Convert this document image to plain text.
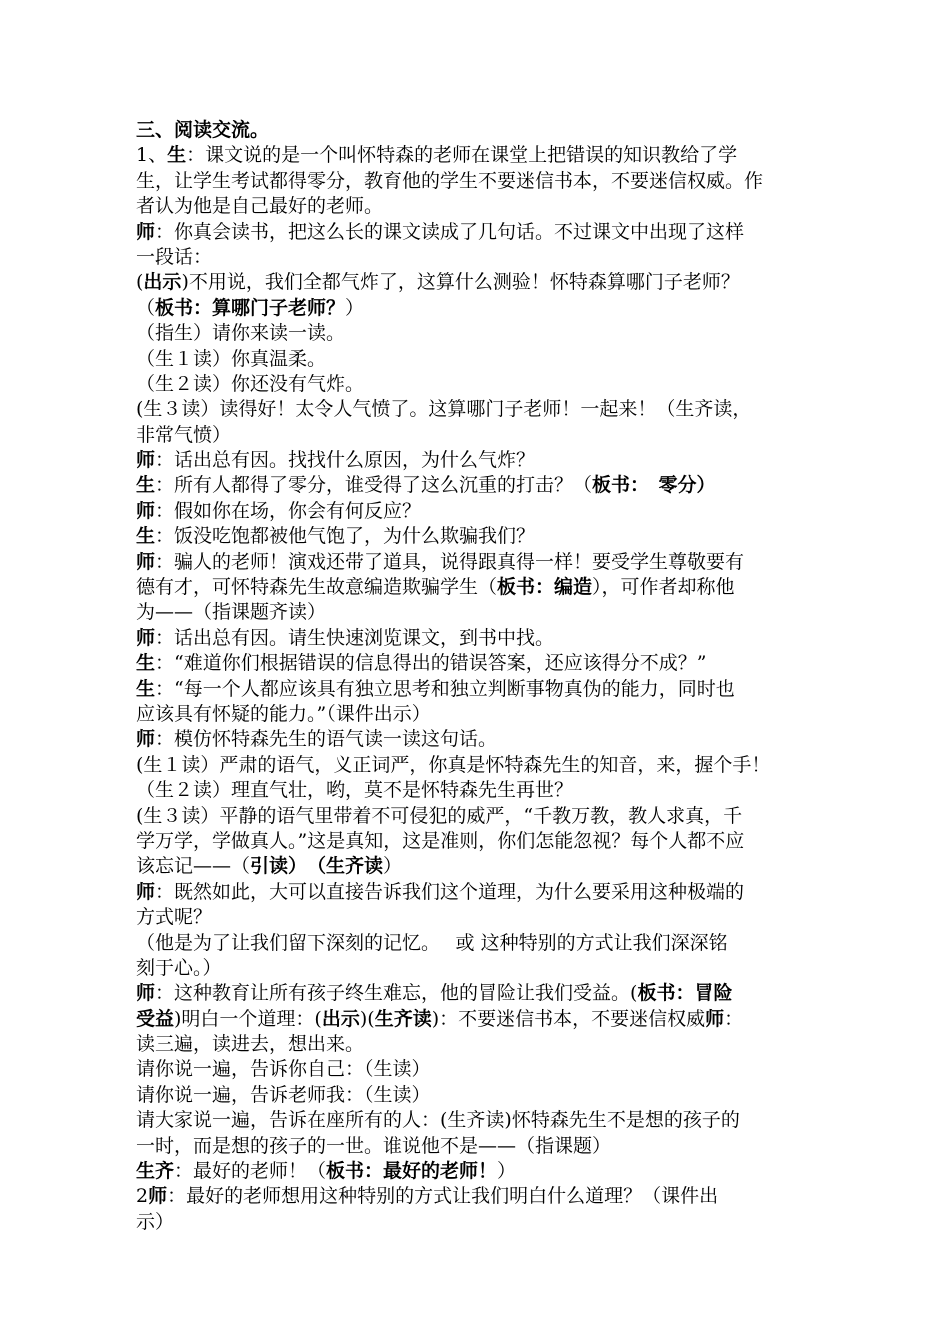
三、阅读交流。
1、生：课文说的是一个叫怀特森的老师在课堂上把错误的知识教给了学
生，让学生考试都得零分，教育他的学生不要迷信书本，不要迷信权威。作
者认为他是自己最好的老师。
师：你真会读书，把这么长的课文读成了几句话。不过课文中出现了这样
一段话：
(出示)不用说，我们全都气炸了，这算什么测验！怀特森算哪门子老师？
（板书：算哪门子老师？）
（指生）请你来读一读。
（生１读）你真温柔。
（生２读）你还没有气炸。
(生３读）读得好！太令人气愤了。这算哪门子老师！一起来！（生齐读，
非常气愤）
师：话出总有因。找找什么原因，为什么气炸？
生：所有人都得了零分，谁受得了这么沉重的打击？（板书：　零分）
师：假如你在场，你会有何反应？
生：饭没吃饱都被他气饱了，为什么欺骗我们？
师：骗人的老师！演戏还带了道具，说得跟真得一样！要受学生尊敬要有
德有才，可怀特森先生故意编造欺骗学生（板书：编造），可作者却称他
为——（指课题齐读）
师：话出总有因。请生快速浏览课文，到书中找。
生：“难道你们根据错误的信息得出的错误答案，还应该得分不成？”
生：“每一个人都应该具有独立思考和独立判断事物真伪的能力，同时也
应该具有怀疑的能力。”（课件出示）
师：模仿怀特森先生的语气读一读这句话。
(生１读）严肃的语气，义正词严，你真是怀特森先生的知音，来，握个手！
（生２读）理直气壮，哟，莫不是怀特森先生再世？
(生３读）平静的语气里带着不可侵犯的威严，“千教万教，教人求真，千
学万学，学做真人。”这是真知，这是准则，你们怎能忽视？每个人都不应
该忘记——（引读）　（生齐读）
师：既然如此，大可以直接告诉我们这个道理，为什么要采用这种极端的
方式呢？
（他是为了让我们留下深刻的记忆。　 或 这种特别的方式让我们深深铭
刻于心。）
师：这种教育让所有孩子终生难忘，他的冒险让我们受益。(板书：冒险
受益)明白一个道理：(出示)(生齐读)：不要迷信书本，不要迷信权威师：
读三遍，读进去，想出来。
请你说一遍，告诉你自己：（生读）
请你说一遍，告诉老师我：（生读）
请大家说一遍，告诉在座所有的人：(生齐读)怀特森先生不是想的孩子的
一时，而是想的孩子的一世。谁说他不是——（指课题）
生齐：最好的老师！（板书：最好的老师！）
2师：最好的老师想用这种特别的方式让我们明白什么道理？（课件出
示）
